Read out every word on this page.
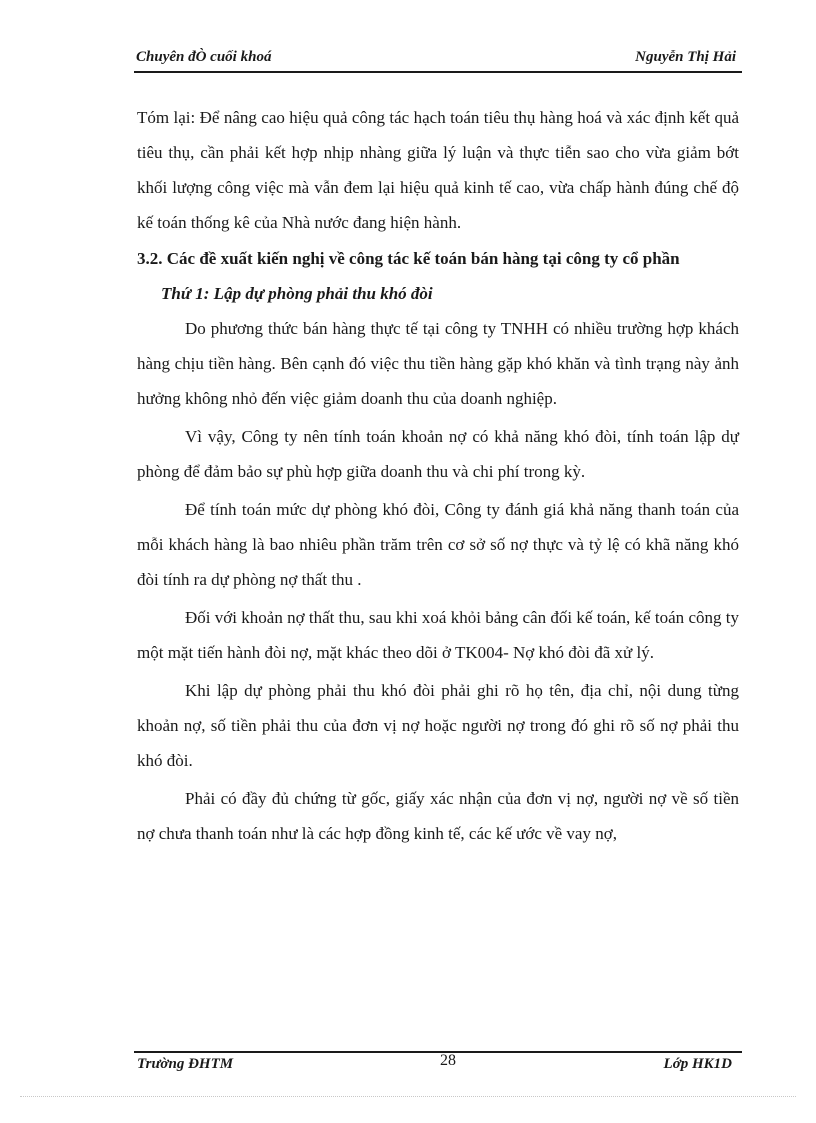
Chuyên đÒ cuối khoá	Nguyễn Thị Hải

Tóm lại: Để nâng cao hiệu quả công tác hạch toán tiêu thụ hàng hoá và xác định kết quả tiêu thụ, cần phải kết hợp nhịp nhàng giữa lý luận và thực tiễn sao cho vừa giảm bớt khối lượng công việc mà vẫn đem lại hiệu quả kinh tế cao, vừa chấp hành đúng chế độ kế toán thống kê của Nhà nước đang hiện hành.

3.2. Các đề xuất kiến nghị về công tác kế toán bán hàng tại công ty cổ phần

Thứ 1: Lập dự phòng phải thu khó đòi

Do phương thức bán hàng thực tế tại công ty TNHH có nhiều trường hợp khách hàng chịu tiền hàng. Bên cạnh đó việc thu tiền hàng gặp khó khăn và tình trạng này ảnh hưởng không nhỏ đến việc giảm doanh thu của doanh nghiệp.

Vì vậy, Công ty nên tính toán khoản nợ có khả năng khó đòi, tính toán lập dự phòng để đảm bảo sự phù hợp giữa doanh thu và chi phí trong kỳ.

Để tính toán mức dự phòng khó đòi, Công ty đánh giá khả năng thanh toán của mỗi khách hàng là bao nhiêu phần trăm trên cơ sở số nợ thực và tỷ lệ có khã năng khó đòi tính ra dự phòng nợ thất thu .

Đối với khoản nợ thất thu, sau khi xoá khỏi bảng cân đối kế toán, kế toán công ty một mặt tiến hành đòi nợ, mặt khác theo dõi ở TK004- Nợ khó đòi đã xử lý.

Khi lập dự phòng phải thu khó đòi phải ghi rõ họ tên, địa chỉ, nội dung từng khoản nợ, số tiền phải thu của đơn vị nợ hoặc người nợ trong đó ghi rõ số nợ phải thu khó đòi.

Phải có đầy đủ chứng từ gốc, giấy xác nhận của đơn vị nợ, người nợ về số tiền nợ chưa thanh toán như là các hợp đồng kinh tế, các kế ước về vay nợ,

Trường ĐHTM	28	Lớp HK1D
